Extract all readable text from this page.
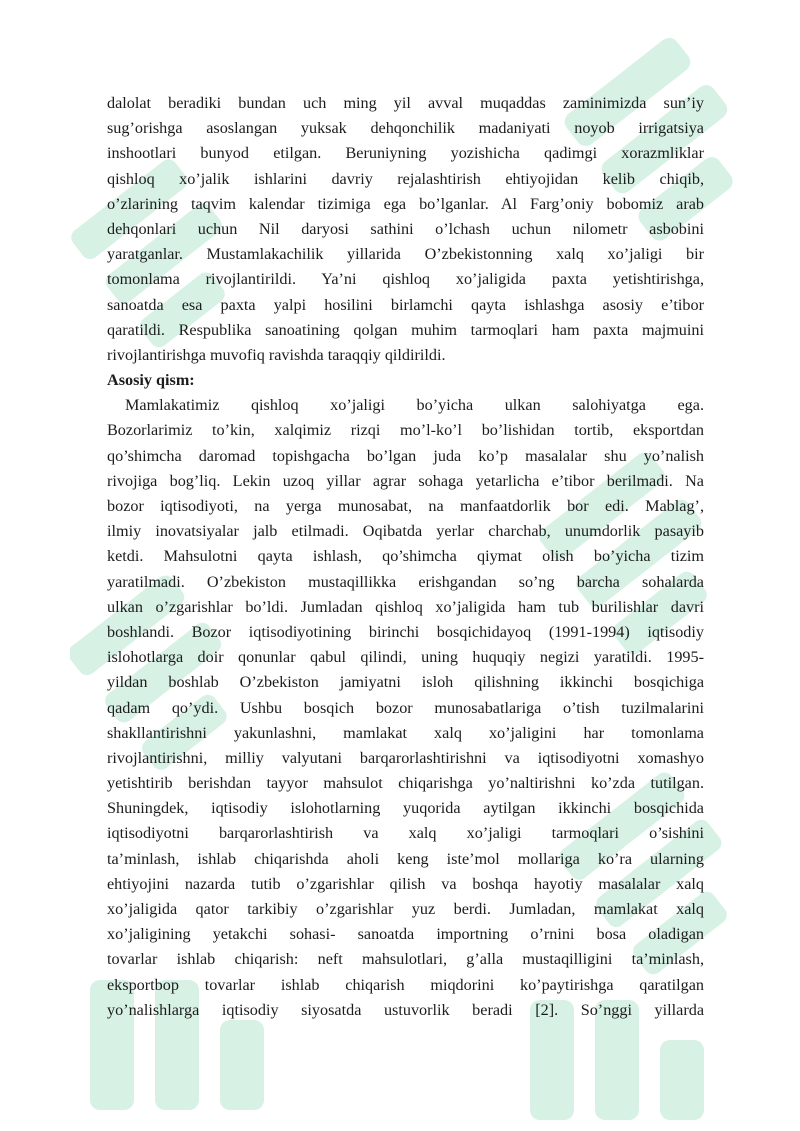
dalolat beradiki bundan uch ming yil avval muqaddas zaminimizda sun’iy
sug’orishga asoslangan yuksak dehqonchilik madaniyati noyob irrigatsiya
inshootlari bunyod etilgan. Beruniyning yozishicha qadimgi xorazmliklar
qishloq xo’jalik ishlarini davriy rejalashtirish ehtiyojidan kelib chiqib,
o’zlarining taqvim kalendar tizimiga ega bo’lganlar. Al Farg’oniy bobomiz arab
dehqonlari uchun Nil daryosi sathini o’lchash uchun nilometr asbobini
yaratganlar. Mustamlakachilik yillarida O’zbekistonning xalq xo’jaligi bir
tomonlama rivojlantirildi. Ya’ni qishloq xo’jaligida paxta yetishtirishga,
sanoatda esa paxta yalpi hosilini birlamchi qayta ishlashga asosiy e’tibor
qaratildi. Respublika sanoatining qolgan muhim tarmoqlari ham paxta majmuini
rivojlantirishga muvofiq ravishda taraqqiy qildirildi.
Asosiy qism:
Mamlakatimiz qishloq xo’jaligi bo’yicha ulkan salohiyatga ega.
Bozorlarimiz to’kin, xalqimiz rizqi mo’l-ko’l bo’lishidan tortib, eksportdan
qo’shimcha daromad topishgacha bo’lgan juda ko’p masalalar shu yo’nalish
rivojiga bog’liq. Lekin uzoq yillar agrar sohaga yetarlicha e’tibor berilmadi. Na
bozor iqtisodiyoti, na yerga munosabat, na manfaatdorlik bor edi. Mablag’,
ilmiy inovatsiyalar jalb etilmadi. Oqibatda yerlar charchab, unumdorlik pasayib
ketdi. Mahsulotni qayta ishlash, qo’shimcha qiymat olish bo’yicha tizim
yaratilmadi. O’zbekiston mustaqillikka erishgandan so’ng barcha sohalarda
ulkan o’zgarishlar bo’ldi. Jumladan qishloq xo’jaligida ham tub burilishlar davri
boshlandi. Bozor iqtisodiyotining birinchi bosqichidayoq (1991-1994) iqtisodiy
islohotlarga doir qonunlar qabul qilindi, uning huquqiy negizi yaratildi. 1995-
yildan boshlab O’zbekiston jamiyatni isloh qilishning ikkinchi bosqichiga
qadam qo’ydi. Ushbu bosqich bozor munosabatlariga o’tish tuzilmalarini
shakllantirishni yakunlashni, mamlakat xalq xo’jaligini har tomonlama
rivojlantirishni, milliy valyutani barqarorlashtirishni va iqtisodiyotni xomashyo
yetishtirib berishdan tayyor mahsulot chiqarishga yo’naltirishni ko’zda tutilgan.
Shuningdek, iqtisodiy islohotlarning yuqorida aytilgan ikkinchi bosqichida
iqtisodiyotni barqarorlashtirish va xalq xo’jaligi tarmoqlari o’sishini
ta’minlash, ishlab chiqarishda aholi keng iste’mol mollariga ko’ra ularning
ehtiyojini nazarda tutib o’zgarishlar qilish va boshqa hayotiy masalalar xalq
xo’jaligida qator tarkibiy o’zgarishlar yuz berdi. Jumladan, mamlakat xalq
xo’jaligining yetakchi sohasi- sanoatda importning o’rnini bosa oladigan
tovarlar ishlab chiqarish: neft mahsulotlari, g’alla mustaqilligini ta’minlash,
eksportbop tovarlar ishlab chiqarish miqdorini ko’paytirishga qaratilgan
yo’nalishlarga iqtisodiy siyosatda ustuvorlik beradi [2]. So’nggi yillarda
